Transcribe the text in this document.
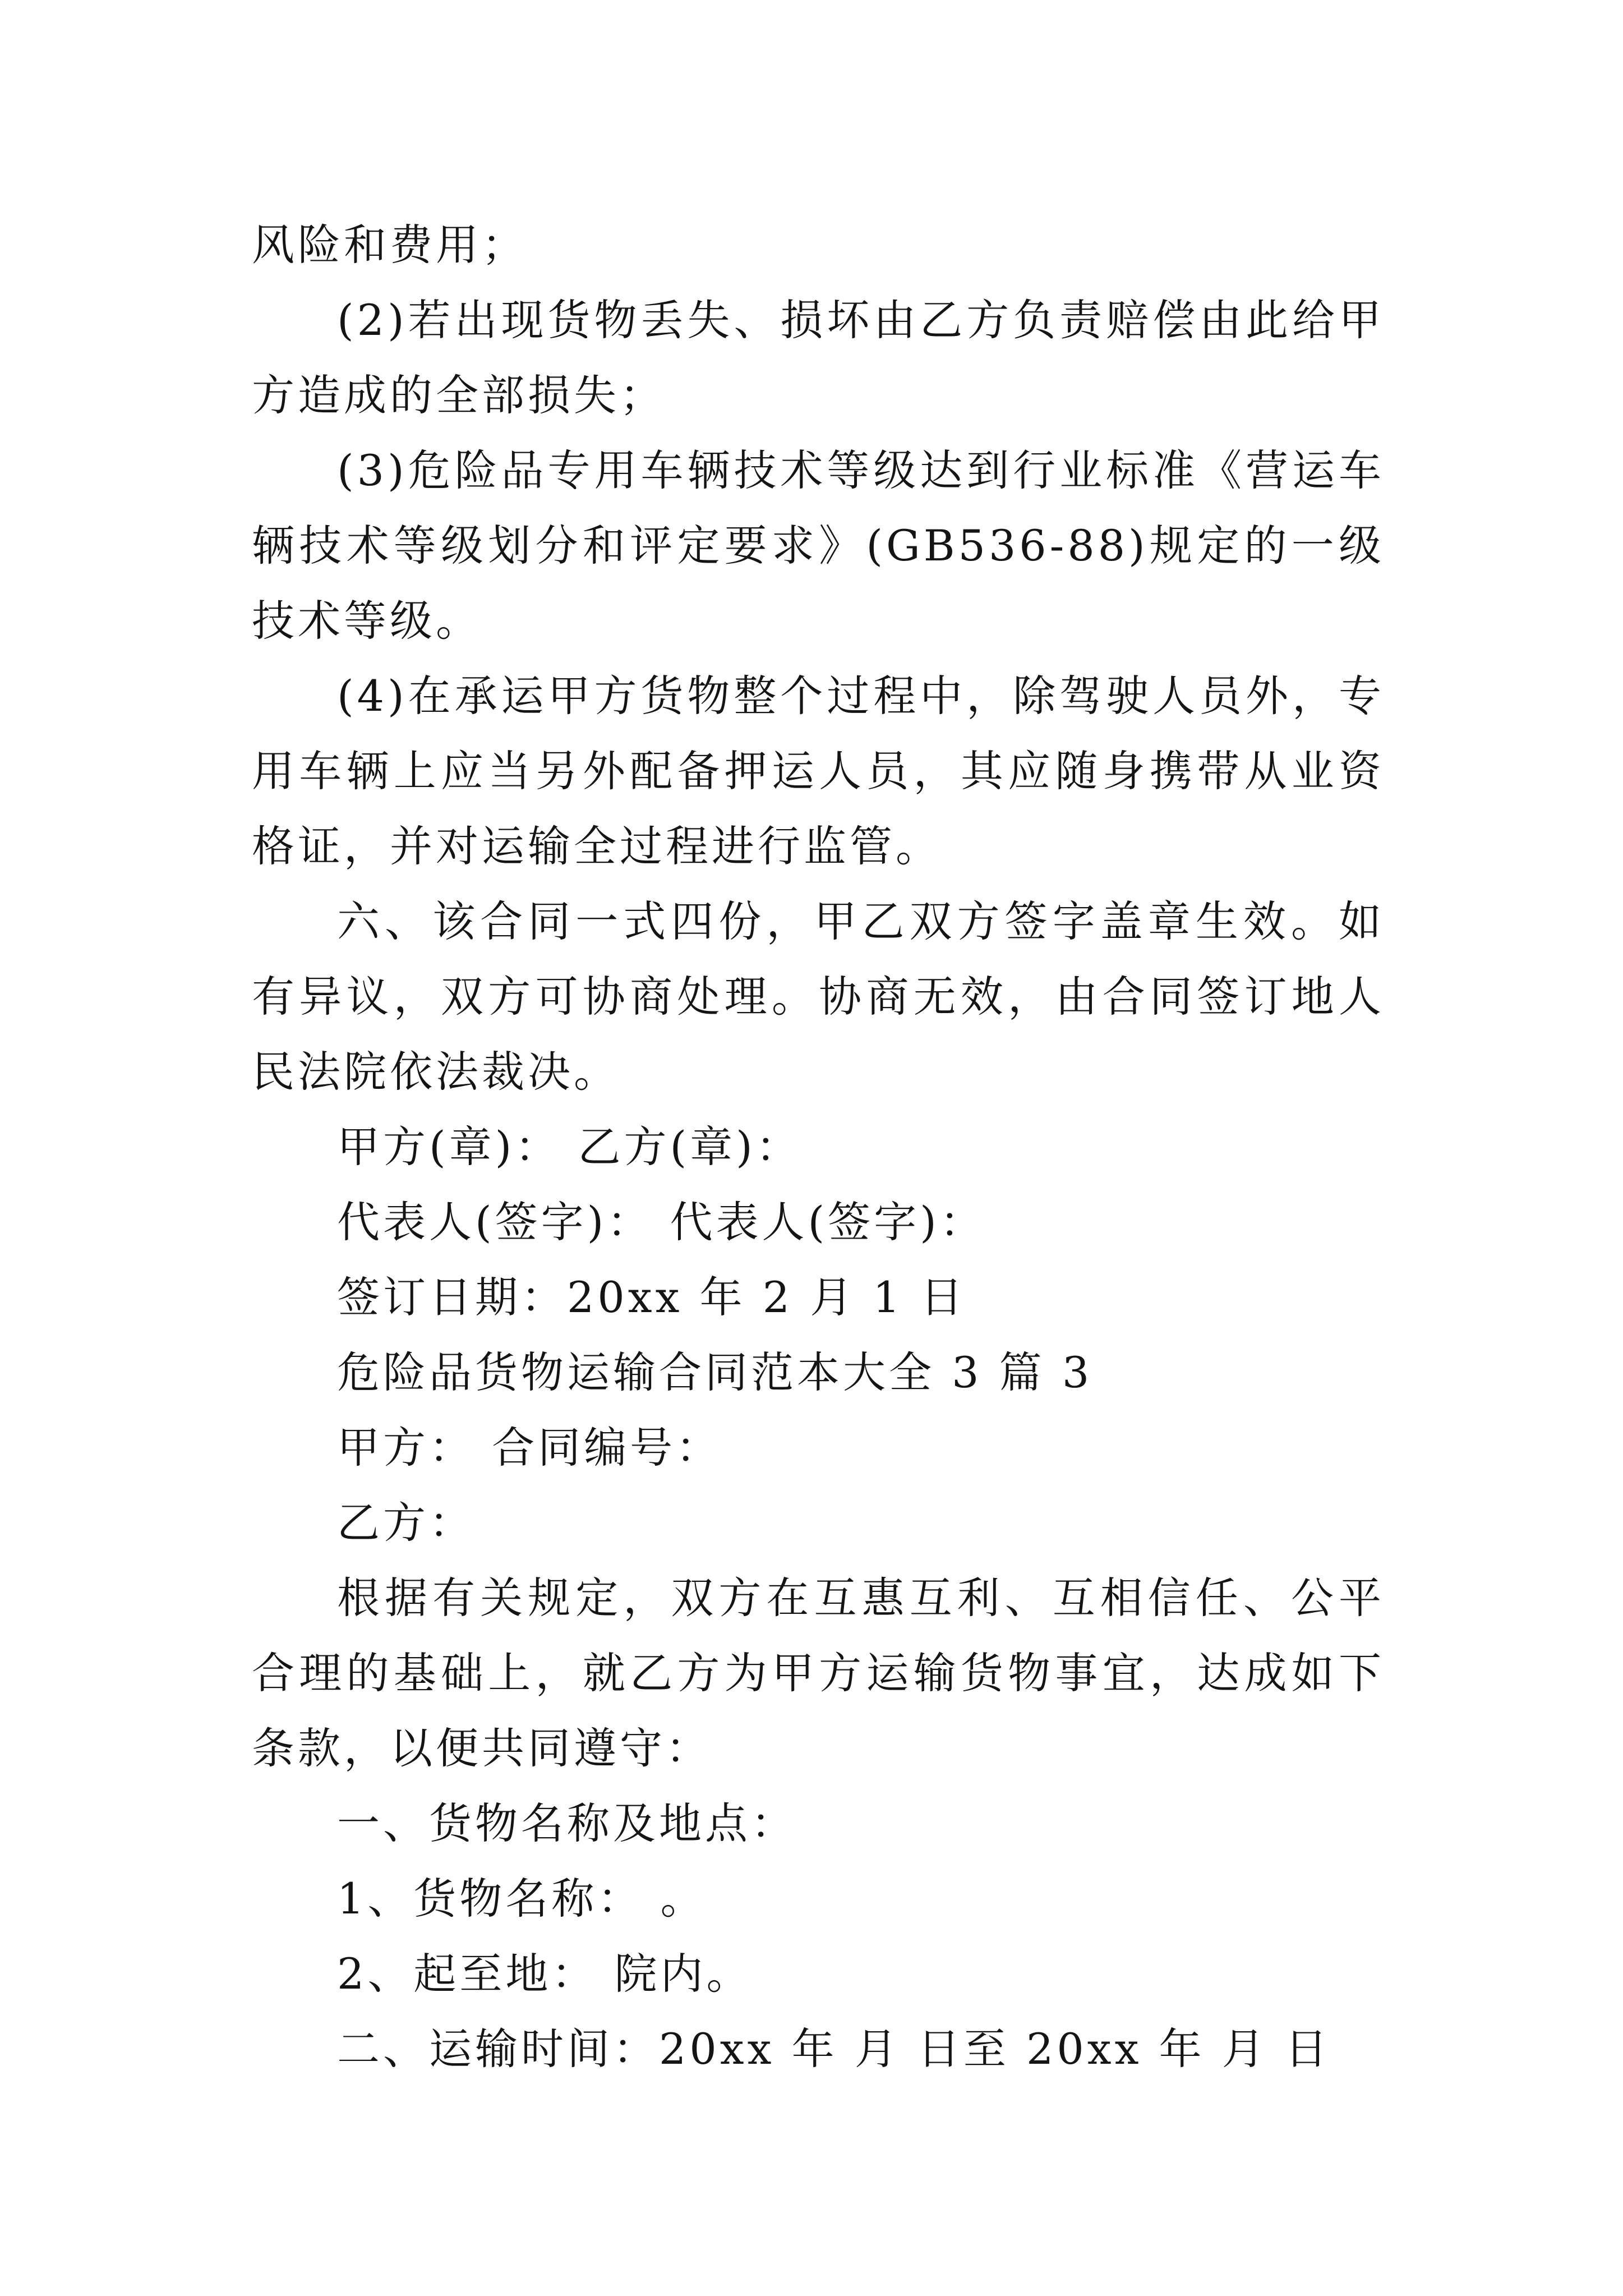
风险和费用；

(2)若出现货物丢失、损坏由乙方负责赔偿由此给甲方造成的全部损失；

(3)危险品专用车辆技术等级达到行业标准《营运车辆技术等级划分和评定要求》(GB536-88)规定的一级技术等级。

(4)在承运甲方货物整个过程中，除驾驶人员外，专用车辆上应当另外配备押运人员，其应随身携带从业资格证，并对运输全过程进行监管。

六、该合同一式四份，甲乙双方签字盖章生效。如有异议，双方可协商处理。协商无效，由合同签订地人民法院依法裁决。

甲方(章)： 乙方(章)：

代表人(签字)： 代表人(签字)：

签订日期：20xx 年 2 月 1 日

危险品货物运输合同范本大全 3 篇 3

甲方： 合同编号：

乙方：

根据有关规定，双方在互惠互利、互相信任、公平合理的基础上，就乙方为甲方运输货物事宜，达成如下条款，以便共同遵守：

一、货物名称及地点：

1、货物名称： 。

2、起至地： 院内。

二、运输时间：20xx 年 月 日至 20xx 年 月 日
